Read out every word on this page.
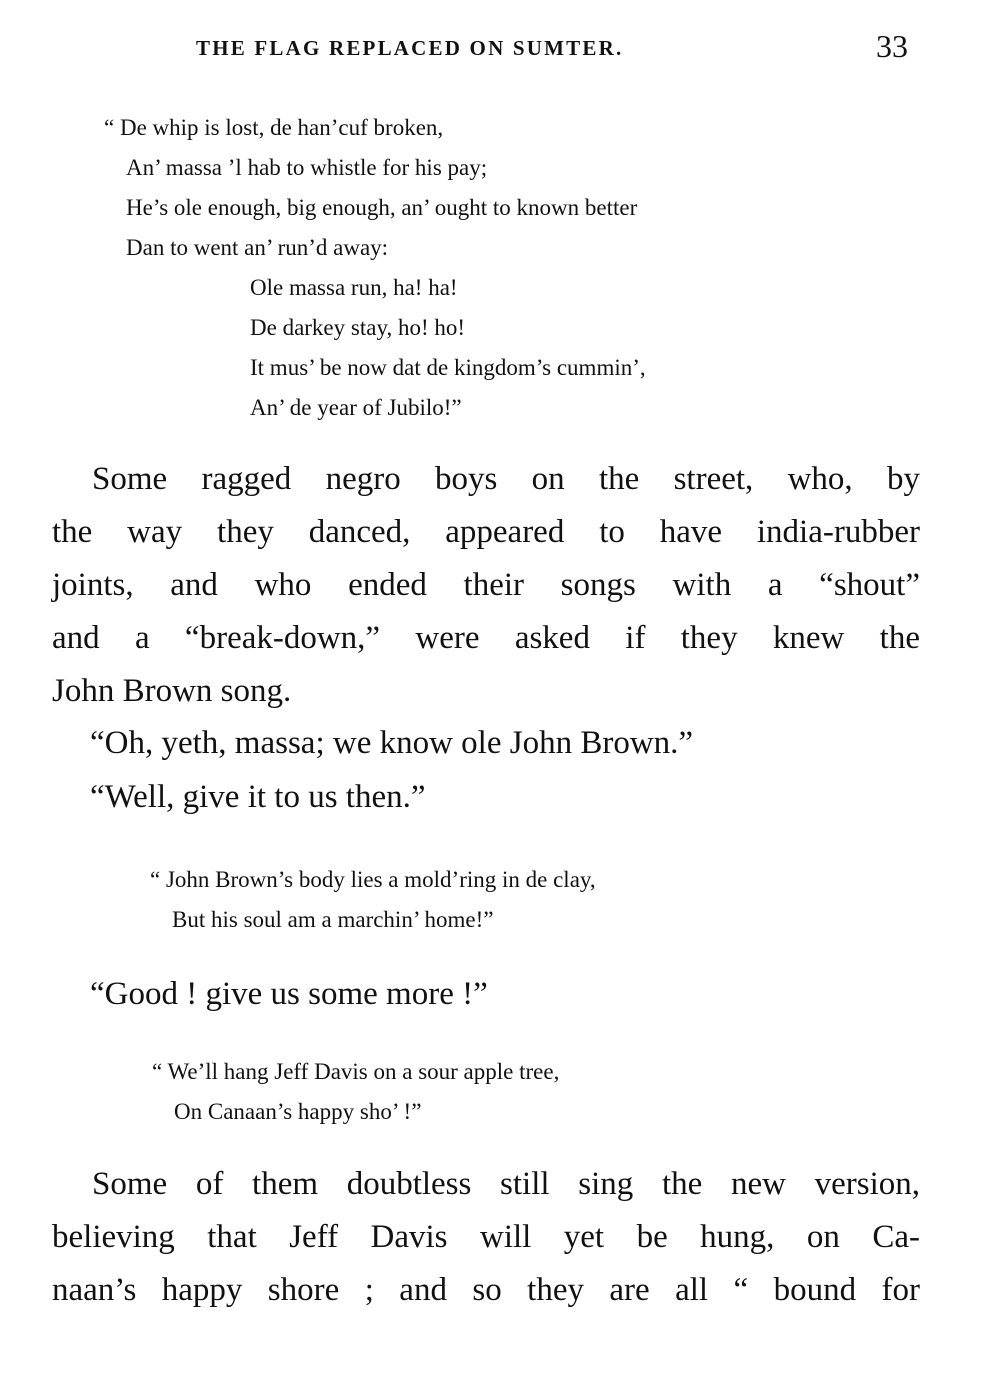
THE FLAG REPLACED ON SUMTER.	33
“ De whip is lost, de han’cuf broken,
An’ massa ’l hab to whistle for his pay;
He’s ole enough, big enough, an’ ought to known better
Dan to went an’ run’d away:
Ole massa run, ha! ha!
De darkey stay, ho! ho!
It mus’ be now dat de kingdom’s cummin’,
An’ de year of Jubilo!”
Some ragged negro boys on the street, who, by
the way they danced, appeared to have india-rubber
joints, and who ended their songs with a “shout”
and a “break-down,” were asked if they knew the
John Brown song.
“Oh, yeth, massa; we know ole John Brown.”
“Well, give it to us then.”
“ John Brown’s body lies a mold’ring in de clay,
But his soul am a marchin’ home!”
“Good ! give us some more !”
“ We’ll hang Jeff Davis on a sour apple tree,
On Canaan’s happy sho’ !”
Some of them doubtless still sing the new version,
believing that Jeff Davis will yet be hung, on Ca-
naan’s happy shore ; and so they are all “ bound for
